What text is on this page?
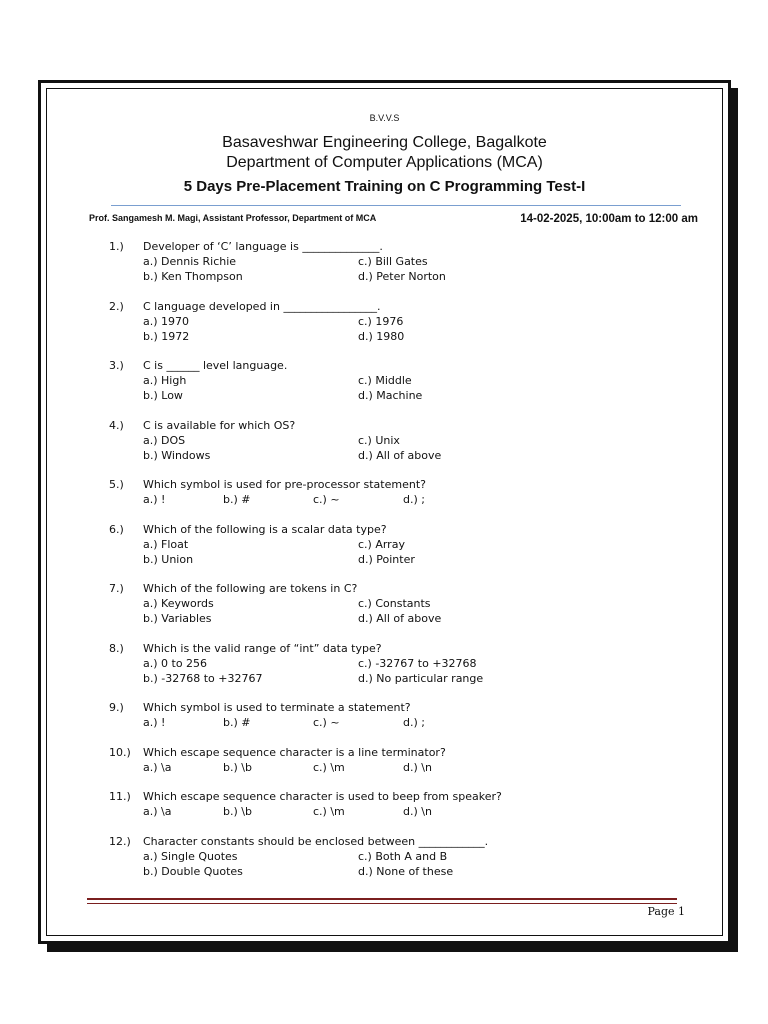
B.V.V.S
Basaveshwar Engineering College, Bagalkote
Department of Computer Applications (MCA)
5 Days Pre-Placement Training on C Programming Test-I
Prof. Sangamesh M. Magi, Assistant Professor, Department of MCA	14-02-2025, 10:00am to 12:00 am
1.) Developer of ‘C’ language is ______________.
a.) Dennis Richie	c.) Bill Gates
b.) Ken Thompson	d.) Peter Norton
2.) C language developed in _________________.
a.) 1970	c.) 1976
b.) 1972	d.) 1980
3.) C is ______ level language.
a.) High	c.) Middle
b.) Low	d.) Machine
4.) C is available for which OS?
a.) DOS	c.) Unix
b.) Windows	d.) All of above
5.) Which symbol is used for pre-processor statement?
a.) !	b.) #	c.) ~	d.) ;
6.) Which of the following is a scalar data type?
a.) Float	c.) Array
b.) Union	d.) Pointer
7.) Which of the following are tokens in C?
a.) Keywords	c.) Constants
b.) Variables	d.) All of above
8.) Which is the valid range of “int” data type?
a.) 0 to 256	c.) -32767 to +32768
b.) -32768 to +32767	d.) No particular range
9.) Which symbol is used to terminate a statement?
a.) !	b.) #	c.) ~	d.) ;
10.) Which escape sequence character is a line terminator?
a.) \a	b.) \b	c.) \m	d.) \n
11.) Which escape sequence character is used to beep from speaker?
a.) \a	b.) \b	c.) \m	d.) \n
12.) Character constants should be enclosed between ____________.
a.) Single Quotes	c.) Both A and B
b.) Double Quotes	d.) None of these
Page 1
